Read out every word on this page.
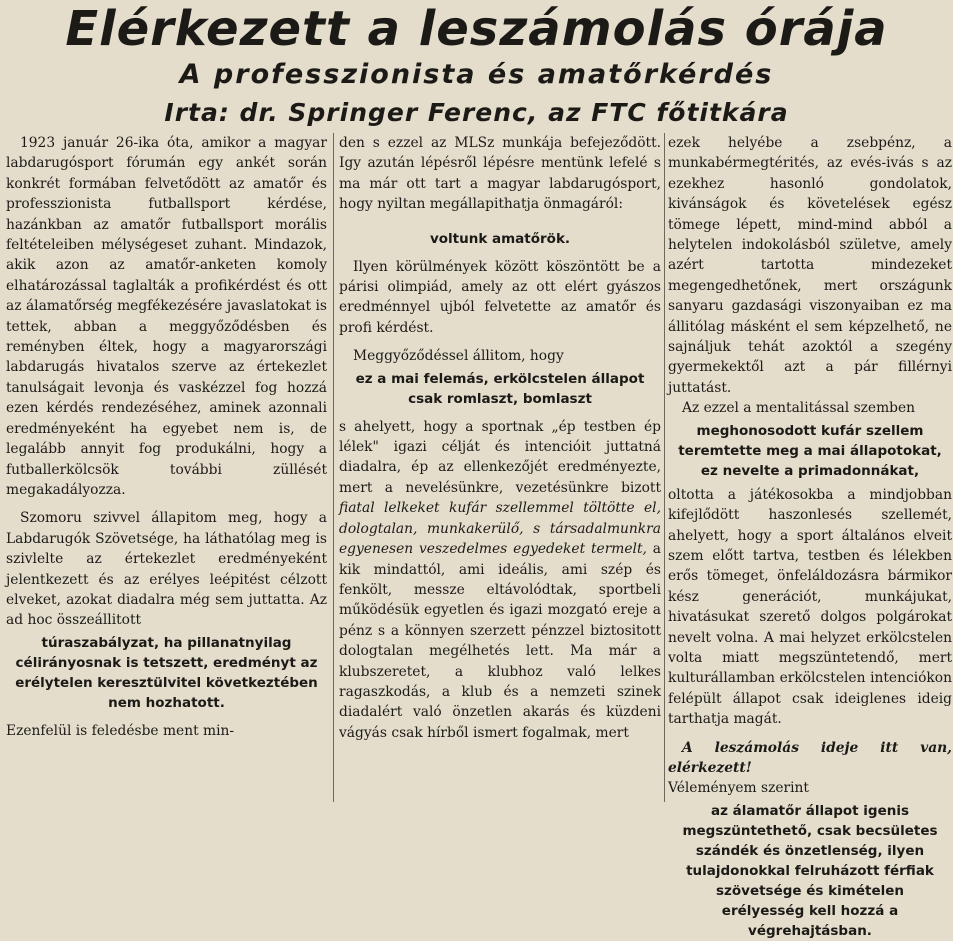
Elérkezett a leszámolás órája
A professzionista és amatőrkérdés
Irta: dr. Springer Ferenc, az FTC főtitkára

1923 január 26-ika óta, amikor a magyar labdarugósport fórumán egy ankét során konkrét formában felvetődött az amatőr és professzionista futballsport kérdése, hazánkban az amatőr futballsport morális feltételeiben mélységeset zuhant. Mindazok, akik azon az amatőr-anketen komoly elhatározással taglalták a profikérdést és ott az álamatőrség megfékezésére javaslatokat is tettek, abban a meggyőződésben és reményben éltek, hogy a magyarországi labdarugás hivatalos szerve az értekezlet tanulságait levonja és vaskézzel fog hozzá ezen kérdés rendezéséhez, aminek azonnali eredményeként ha egyebet nem is, de legalább annyit fog produkálni, hogy a futballerkölcsök további züllését megakadályozza.

Szomoru szivvel állapitom meg, hogy a Labdarugók Szövetsége, ha láthatólag meg is szivlelte az értekezlet eredményeként jelentkezett és az erélyes leépitést célzott elveket, azokat diadalra még sem juttatta. Az ad hoc összeállitott

túraszabályzat, ha pillanatnyilag célirányosnak is tetszett, eredményt az erélytelen keresztülvitel következtében nem hozhatott.

Ezenfelül is feledésbe ment min-

den s ezzel az MLSz munkája befejeződött. Igy azután lépésről lépésre mentünk lefelé s ma már ott tart a magyar labdarugósport, hogy nyiltan megállapithatja önmagáról:

voltunk amatőrök.

Ilyen körülmények között köszöntött be a párisi olimpiád, amely az ott elért gyászos eredménnyel ujból felvetette az amatőr és profi kérdést.

Meggyőződéssel állitom, hogy

ez a mai felemás, erkölcstelen állapot csak romlaszt, bomlaszt

s ahelyett, hogy a sportnak „ép testben ép lélek" igazi célját és intencióit juttatná diadalra, ép az ellenkezőjét eredményezte, mert a nevelésünkre, vezetésünkre bizott fiatal lelkeket kufár szellemmel töltötte el, dologtalan, munkakerülő, s társadalmunkra egyenesen veszedelmes egyedeket termelt, a kik mindattól, ami ideális, ami szép és fenkölt, messze eltávolódtak, sportbeli működésük egyetlen és igazi mozgató ereje a pénz s a könnyen szerzett pénzzel biztositott dologtalan megélhetés lett. Ma már a klubszeretet, a klubhoz való lelkes ragaszkodás, a klub és a nemzeti szinek diadalért való önzetlen akarás és küzdeni vágyás csak hírből ismert fogalmak, mert

ezek helyébe a zsebpénz, a munkabérmegtérités, az evés-ivás s az ezekhez hasonló gondolatok, kivánságok és követelések egész tömege lépett, mind-mind abból a helytelen indokolásból születve, amely azért tartotta mindezeket megengedhetőnek, mert országunk sanyaru gazdasági viszonyaiban ez ma állitólag másként el sem képzelhető, ne sajnáljuk tehát azoktól a szegény gyermekektől azt a pár fillérnyi juttatást.

Az ezzel a mentalitással szemben

meghonosodott kufár szellem teremtette meg a mai állapotokat, ez nevelte a primadonnákat,

oltotta a játékosokba a mindjobban kifejlődött haszonlesés szellemét, ahelyett, hogy a sport általános elveit szem előtt tartva, testben és lélekben erős tömeget, önfeláldozásra bármikor kész generációt, munkájukat, hivatásukat szerető dolgos polgárokat nevelt volna. A mai helyzet erkölcstelen volta miatt megszüntetendő, mert kulturállamban erkölcstelen intenciókon felépült állapot csak ideiglenes ideig tarthatja magát.

A leszámolás ideje itt van, elérkezett!

Véleményem szerint

az álamatőr állapot igenis megszüntethető, csak becsületes szándék és önzetlenség, ilyen tulajdonokkal felruházott férfiak szövetsége és kimételen erélyesség kell hozzá a végrehajtásban.
